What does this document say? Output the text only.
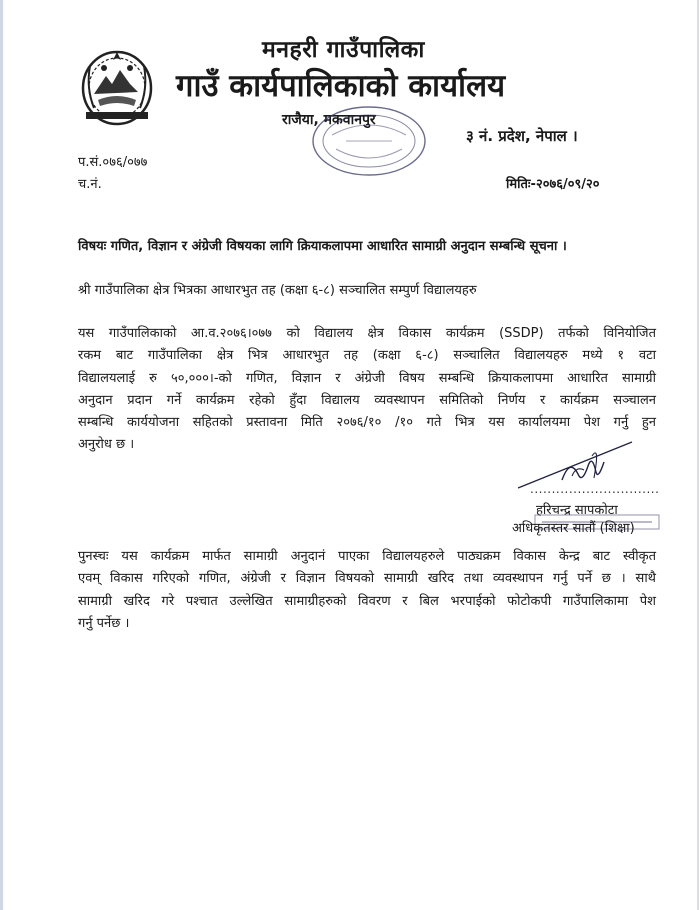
मनहरी गाउँपालिका
गाउँ कार्यपालिकाको कार्यालय
राजैया, मकवानपुर
३ नं. प्रदेश, नेपाल ।
प.सं.०७६/०७७
च.नं.	मितिः-२०७६/०९/२०
विषयः गणित, विज्ञान र अंग्रेजी विषयका लागि क्रियाकलापमा आधारित सामाग्री अनुदान सम्बन्धि सूचना ।
श्री गाउँपालिका क्षेत्र भित्रका आधारभुत तह (कक्षा ६-८) सञ्चालित सम्पुर्ण विद्यालयहरु
यस गाउँपालिकाको आ.व.२०७६।०७७ को विद्यालय क्षेत्र विकास कार्यक्रम (SSDP) तर्फको विनियोजित
रकम बाट गाउँपालिका क्षेत्र भित्र आधारभुत तह (कक्षा ६-८) सञ्चालित विद्यालयहरु मध्ये १ वटा
विद्यालयलाई रु ५०,०००।-को गणित, विज्ञान र अंग्रेजी विषय सम्बन्धि क्रियाकलापमा आधारित सामाग्री
अनुदान प्रदान गर्ने कार्यक्रम रहेको हुँदा विद्यालय व्यवस्थापन समितिको निर्णय र कार्यक्रम सञ्चालन
सम्बन्धि कार्ययोजना सहितको प्रस्तावना मिति २०७६/१० /१० गते भित्र यस कार्यालयमा पेश गर्नु हुन
अनुरोध छ ।
..............................
हरिचन्द्र सापकोटा
अधिकृतस्तर सातौं (शिक्षा)
पुनस्चः यस कार्यक्रम मार्फत सामाग्री अनुदानं पाएका विद्यालयहरुले पाठ्यक्रम विकास केन्द्र बाट स्वीकृत
एवम् विकास गरिएको गणित, अंग्रेजी र विज्ञान विषयको सामाग्री खरिद तथा व्यवस्थापन गर्नु पर्ने छ । साथै
सामाग्री खरिद गरे पश्चात उल्लेखित सामाग्रीहरुको विवरण र बिल भरपाईको फोटोकपी गाउँपालिकामा पेश
गर्नु पर्नेछ ।
